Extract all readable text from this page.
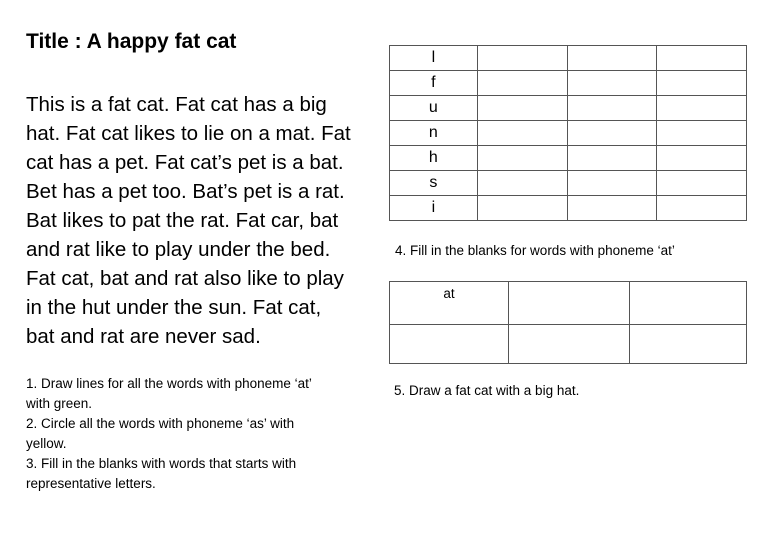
Title : A happy fat cat
This is a fat cat. Fat cat has a big
hat. Fat cat likes to lie on a mat. Fat
cat has a pet. Fat cat’s pet is a bat.
Bet has a pet too. Bat’s pet is a rat.
Bat likes to pat the rat. Fat car, bat
and rat like to play under the bed.
Fat cat, bat and rat also like to play
in the hut under the sun. Fat cat,
bat and rat are never sad.
1. Draw lines for all the words with phoneme ‘at’
with green.
2. Circle all the words with phoneme ‘as’ with
yellow.
3. Fill in the blanks with words that starts with
representative letters.
l			
f			
u			
n			
h			
s			
i			
4. Fill in the blanks for words with phoneme ‘at’
at		

5. Draw a fat cat with a big hat.
